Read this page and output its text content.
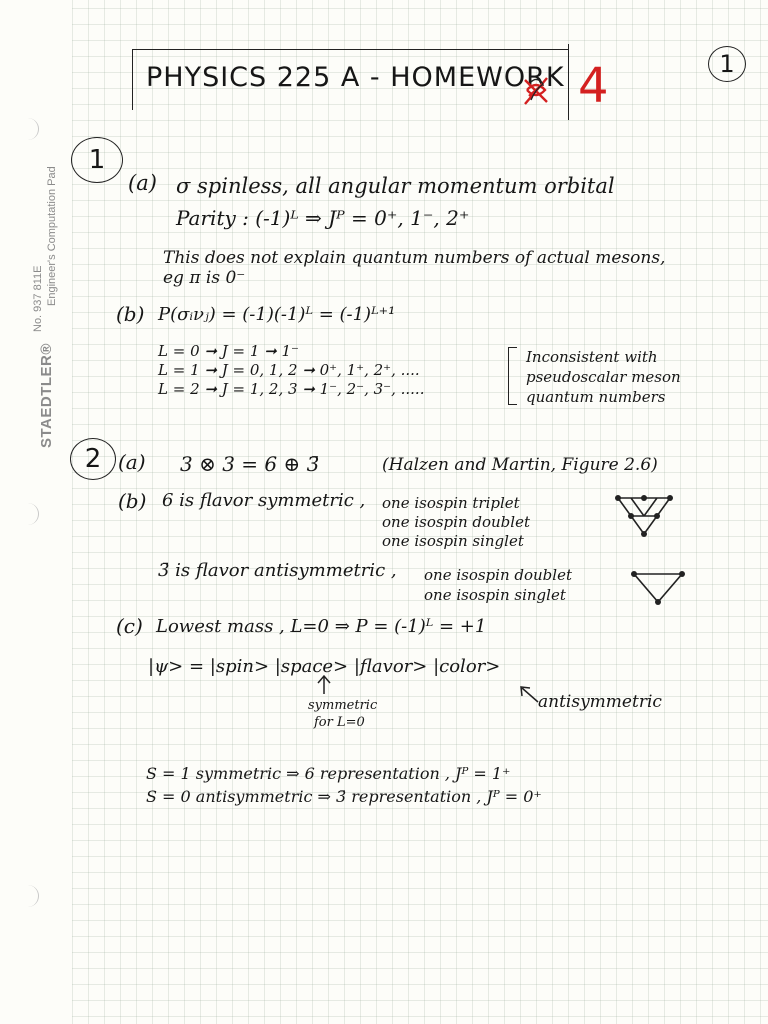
STAEDTLER®
No. 937 811E Engineer's Computation Pad
PHYSICS 225 A - HOMEWORK 4	1
1
(a) σ spinless, all angular momentum orbital
Parity : (-1)ᴸ ⇒ Jᴾ = 0⁺, 1⁻, 2⁺
This does not explain quantum numbers of actual mesons,
eg π is 0⁻
(b) P(σᵢνⱼ) = (-1)(-1)ᴸ = (-1)ᴸ⁺¹
L = 0 ➞ J = 1 ➞ 1⁻
L = 1 ➞ J = 0, 1, 2 ➞ 0⁺, 1⁺, 2⁺, ....
L = 2 ➞ J = 1, 2, 3 ➞ 1⁻, 2⁻, 3⁻, .....
Inconsistent with
pseudoscalar meson
quantum numbers
2 (a) 3 ⊗ 3 = 6 ⊕ 3̄	(Halzen and Martin, Figure 2.6)
(b) 6 is flavor symmetric , one isospin triplet
one isospin doublet
one isospin singlet
3̄ is flavor antisymmetric , one isospin doublet
one isospin singlet
(c) Lowest mass , L=0 ⇒ P = (-1)ᴸ = +1
|ψ> = |spin> |space> |flavor> |color>
symmetric
for L=0
antisymmetric
S = 1 symmetric ⇒ 6 representation , Jᴾ = 1⁺
S = 0 antisymmetric ⇒ 3̄ representation , Jᴾ = 0⁺
